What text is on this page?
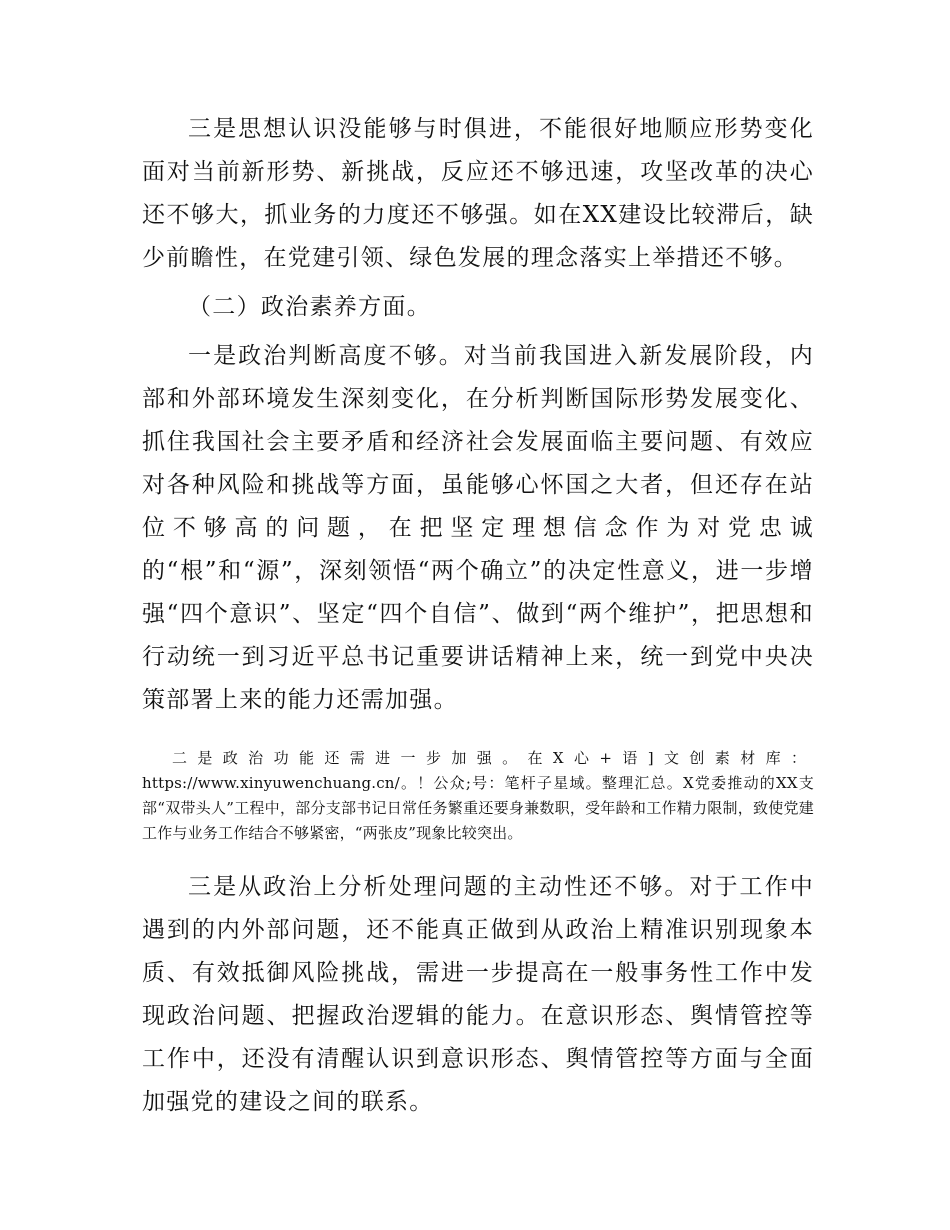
三是思想认识没能够与时俱进，不能很好地顺应形势变化面对当前新形势、新挑战，反应还不够迅速，攻坚改革的决心还不够大，抓业务的力度还不够强。如在XX建设比较滞后，缺少前瞻性，在党建引领、绿色发展的理念落实上举措还不够。

（二）政治素养方面。

一是政治判断高度不够。对当前我国进入新发展阶段，内部和外部环境发生深刻变化，在分析判断国际形势发展变化、抓住我国社会主要矛盾和经济社会发展面临主要问题、有效应对各种风险和挑战等方面，虽能够心怀国之大者，但还存在站位不够高的问题，在把坚定理想信念作为对党忠诚的“根”和“源”，深刻领悟“两个确立”的决定性意义，进一步增强“四个意识”、坚定“四个自信”、做到“两个维护”，把思想和行动统一到习近平总书记重要讲话精神上来，统一到党中央决策部署上来的能力还需加强。

二是政治功能还需进一步加强。在X心+语]文创素材库：https://www.xinyuwenchuang.cn/。！公众;号：笔杆子星域。整理汇总。X党委推动的XX支部“双带头人”工程中，部分支部书记日常任务繁重还要身兼数职，受年龄和工作精力限制，致使党建工作与业务工作结合不够紧密，“两张皮”现象比较突出。

三是从政治上分析处理问题的主动性还不够。对于工作中遇到的内外部问题，还不能真正做到从政治上精准识别现象本质、有效抵御风险挑战，需进一步提高在一般事务性工作中发现政治问题、把握政治逻辑的能力。在意识形态、舆情管控等工作中，还没有清醒认识到意识形态、舆情管控等方面与全面加强党的建设之间的联系。
